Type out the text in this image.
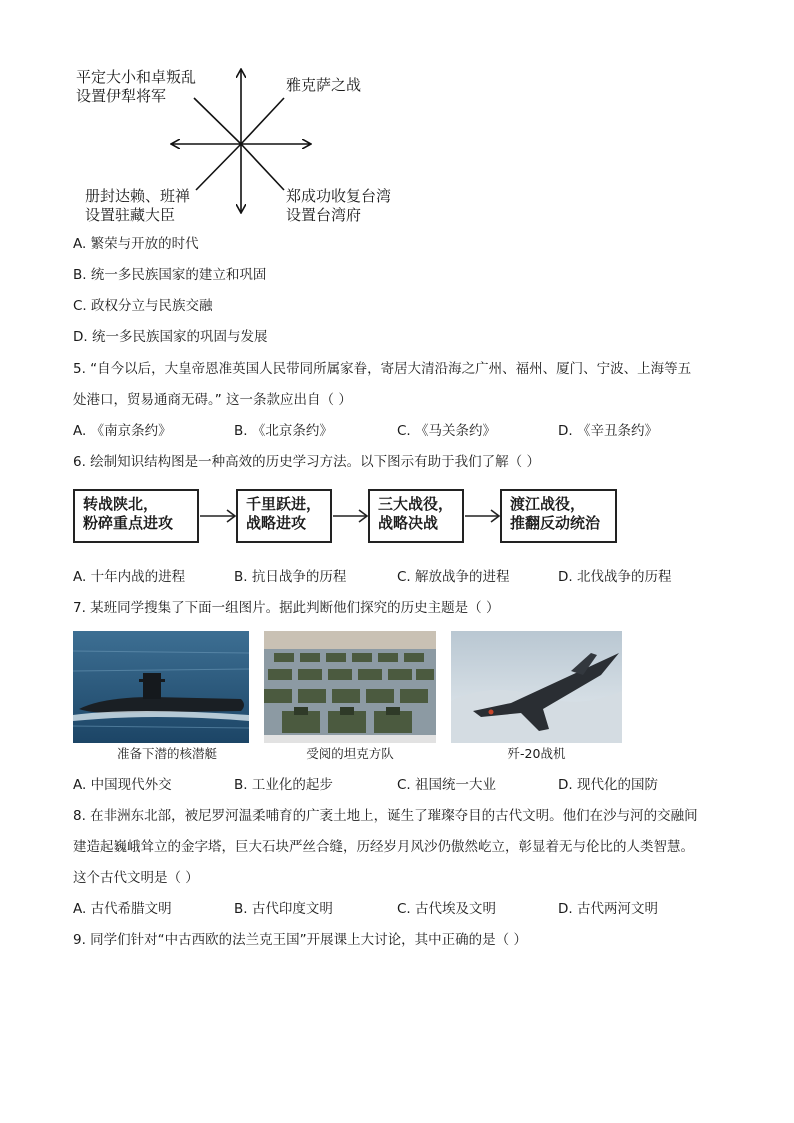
平定大小和卓叛乱
设置伊犁将军
雅克萨之战
册封达赖、班禅
设置驻藏大臣
郑成功收复台湾
设置台湾府
A. 繁荣与开放的时代
B. 统一多民族国家的建立和巩固
C. 政权分立与民族交融
D. 统一多民族国家的巩固与发展
5. “自今以后，大皇帝恩准英国人民带同所属家眷，寄居大清沿海之广州、福州、厦门、宁波、上海等五
处港口，贸易通商无碍。” 这一条款应出自（ ）
A. 《南京条约》	B. 《北京条约》	C. 《马关条约》	D. 《辛丑条约》
6. 绘制知识结构图是一种高效的历史学习方法。以下图示有助于我们了解（ ）
转战陕北，
粉碎重点进攻
千里跃进，
战略进攻
三大战役，
战略决战
渡江战役，
推翻反动统治
A. 十年内战的进程	B. 抗日战争的历程	C. 解放战争的进程	D. 北伐战争的历程
7. 某班同学搜集了下面一组图片。据此判断他们探究的历史主题是（ ）
准备下潜的核潜艇	受阅的坦克方队	歼-20战机
A. 中国现代外交	B. 工业化的起步	C. 祖国统一大业	D. 现代化的国防
8. 在非洲东北部，被尼罗河温柔哺育的广袤土地上，诞生了璀璨夺目的古代文明。他们在沙与河的交融间
建造起巍峨耸立的金字塔，巨大石块严丝合缝，历经岁月风沙仍傲然屹立，彰显着无与伦比的人类智慧。
这个古代文明是（ ）
A. 古代希腊文明	B. 古代印度文明	C. 古代埃及文明	D. 古代两河文明
9. 同学们针对“中古西欧的法兰克王国”开展课上大讨论，其中正确的是（ ）
